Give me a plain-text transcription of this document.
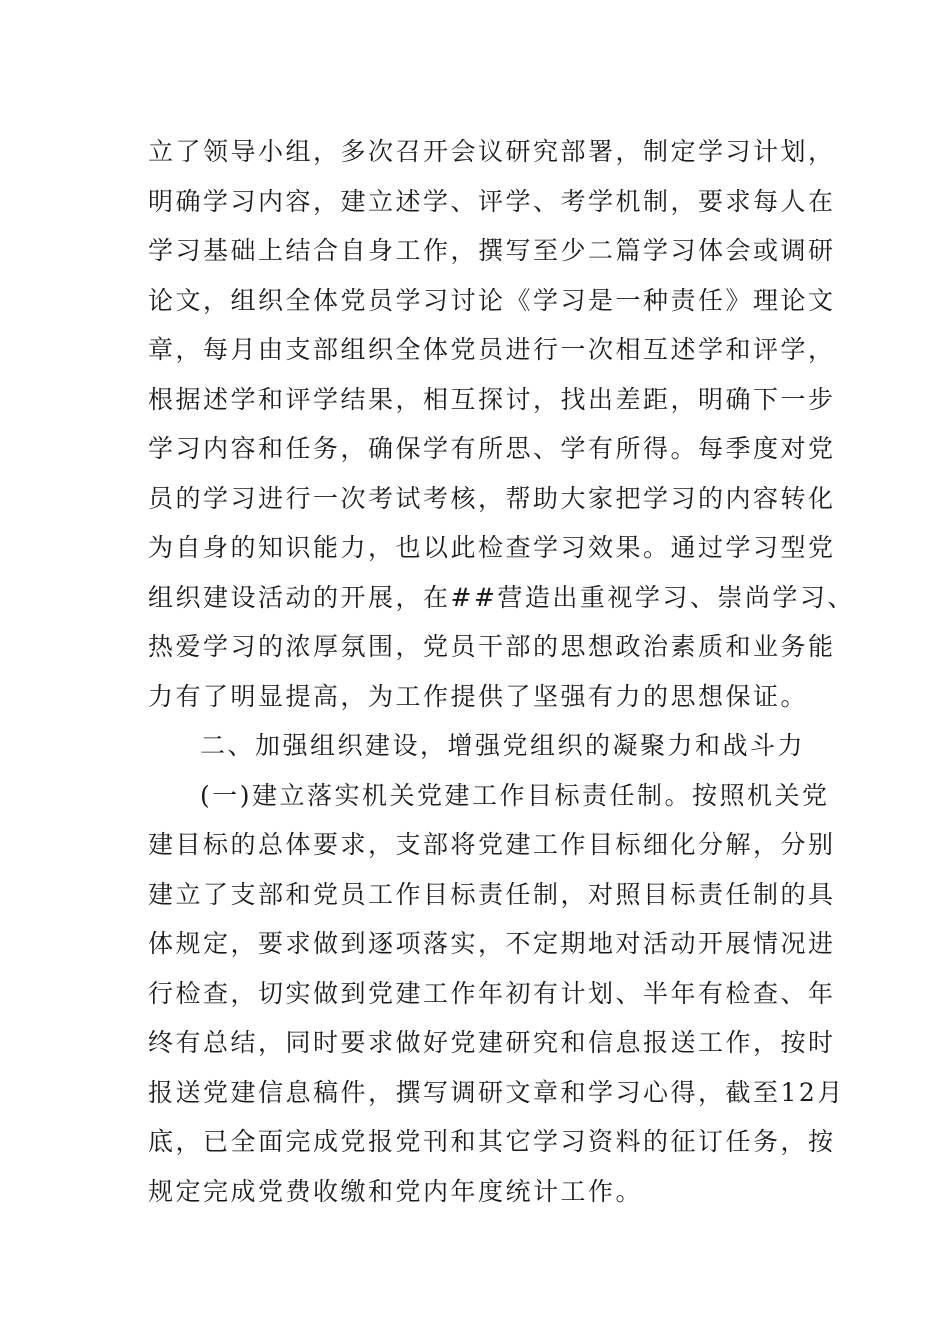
立了领导小组，多次召开会议研究部署，制定学习计划，
明确学习内容，建立述学、评学、考学机制，要求每人在
学习基础上结合自身工作，撰写至少二篇学习体会或调研
论文，组织全体党员学习讨论《学习是一种责任》理论文
章，每月由支部组织全体党员进行一次相互述学和评学，
根据述学和评学结果，相互探讨，找出差距，明确下一步
学习内容和任务，确保学有所思、学有所得。每季度对党
员的学习进行一次考试考核，帮助大家把学习的内容转化
为自身的知识能力，也以此检查学习效果。通过学习型党
组织建设活动的开展，在##营造出重视学习、崇尚学习、
热爱学习的浓厚氛围，党员干部的思想政治素质和业务能
力有了明显提高，为工作提供了坚强有力的思想保证。
二、加强组织建设，增强党组织的凝聚力和战斗力
(一)建立落实机关党建工作目标责任制。按照机关党
建目标的总体要求，支部将党建工作目标细化分解，分别
建立了支部和党员工作目标责任制，对照目标责任制的具
体规定，要求做到逐项落实，不定期地对活动开展情况进
行检查，切实做到党建工作年初有计划、半年有检查、年
终有总结，同时要求做好党建研究和信息报送工作，按时
报送党建信息稿件，撰写调研文章和学习心得，截至12月
底，已全面完成党报党刊和其它学习资料的征订任务，按
规定完成党费收缴和党内年度统计工作。
